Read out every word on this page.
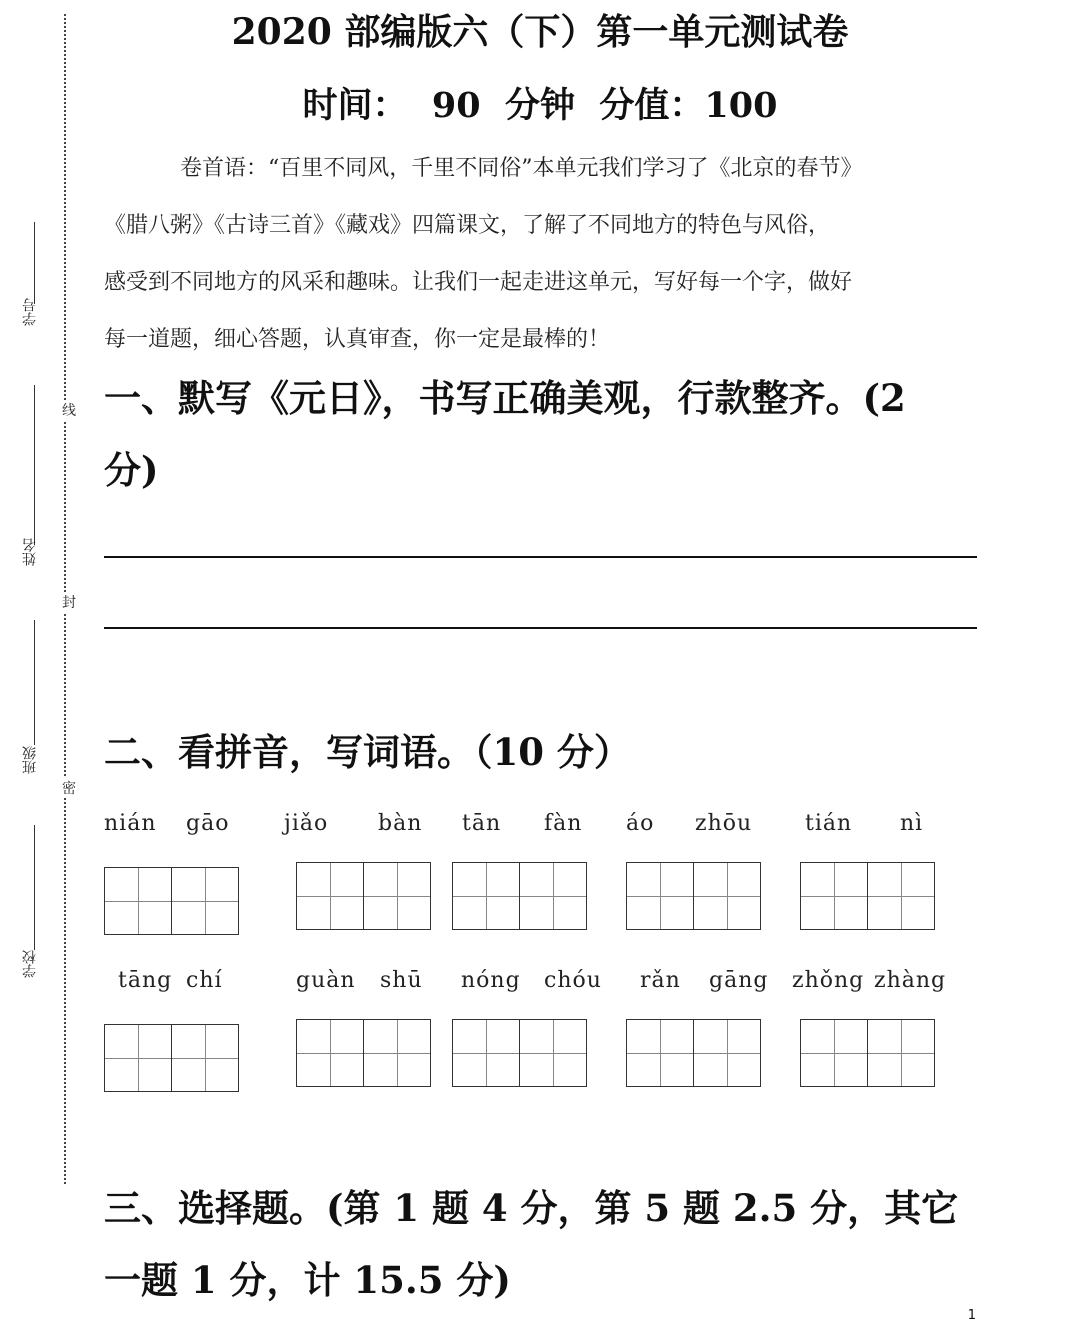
学号
姓名
班级
学校
线
封
密
2020 部编版六（下）第一单元测试卷
时间：  90  分钟  分值：100
卷首语：“百里不同风，千里不同俗”本单元我们学习了《北京的春节》
《腊八粥》《古诗三首》《藏戏》四篇课文，了解了不同地方的特色与风俗，
感受到不同地方的风采和趣味。让我们一起走进这单元，写好每一个字，做好
每一道题，细心答题，认真审查，你一定是最棒的！
一、默写《元日》，书写正确美观，行款整齐。(2
分)
二、看拼音，写词语。（10 分）
nián gāo jiǎo bàn tān fàn áo zhōu tián nì
tāng chí	guàn shū nóng chóu rǎn gāng zhǒng zhàng
三、选择题。(第 1 题 4 分，第 5 题 2.5 分，其它
一题 1 分，计 15.5 分)
1
